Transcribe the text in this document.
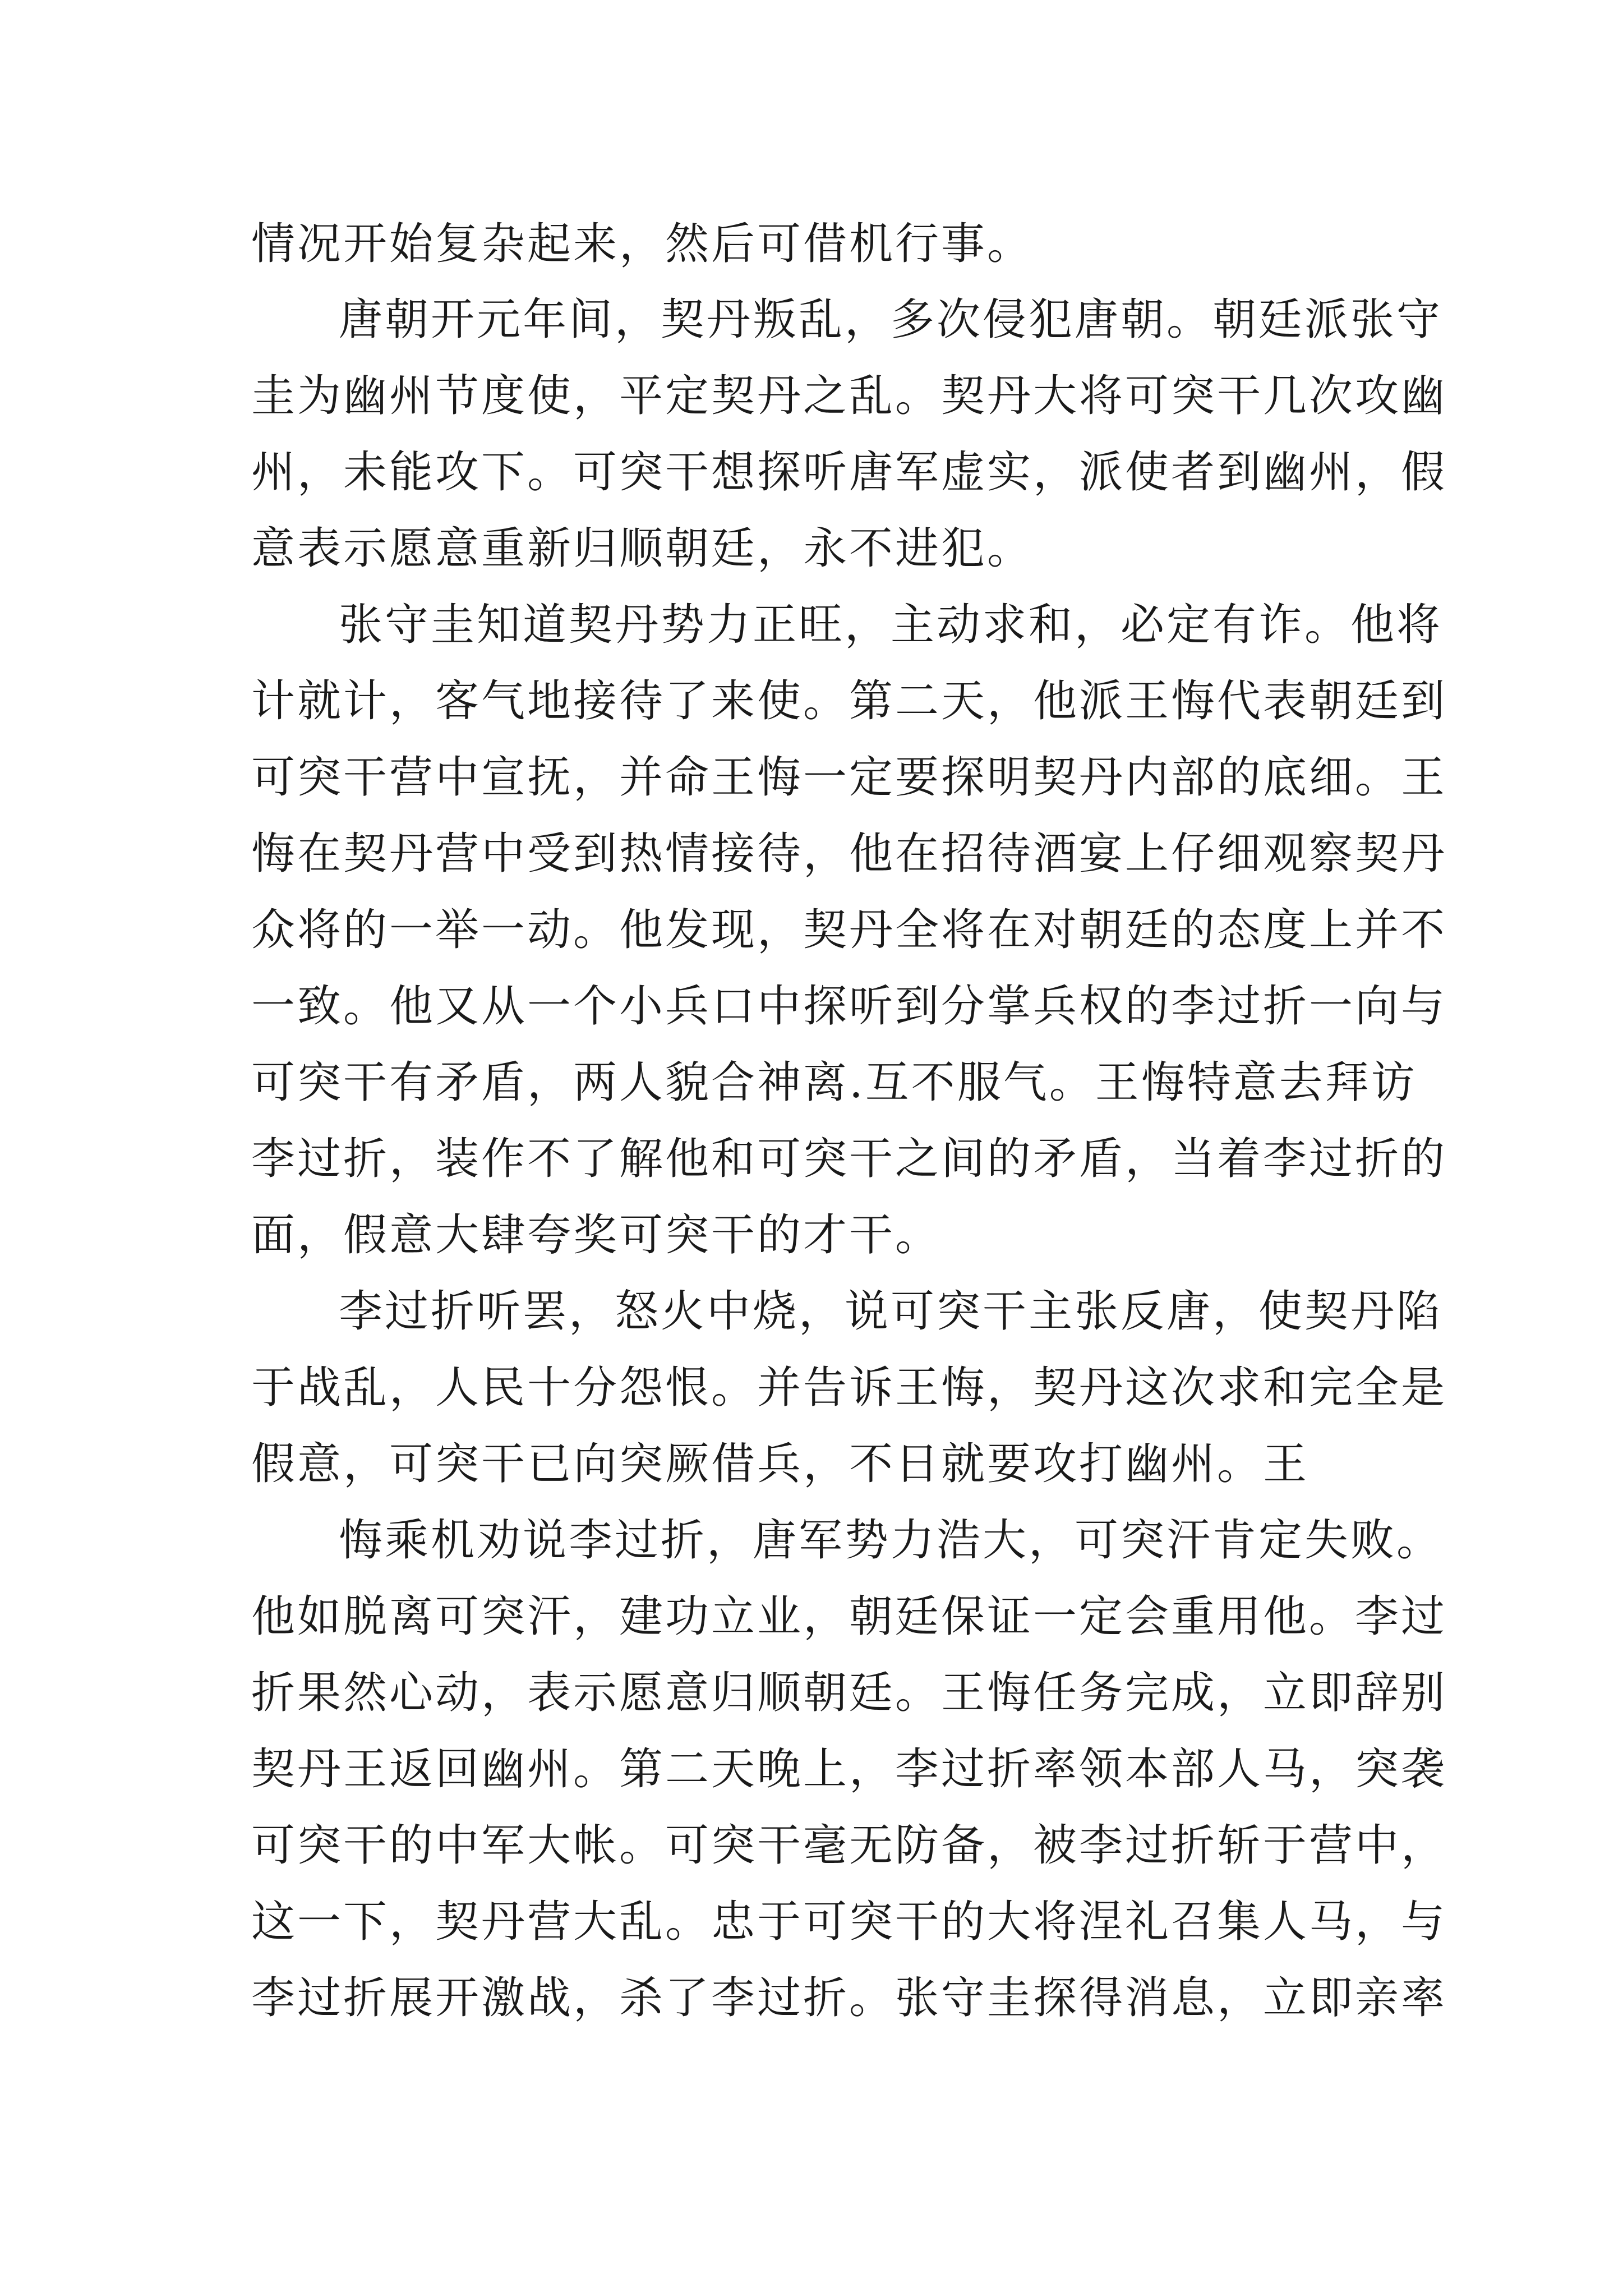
情况开始复杂起来，然后可借机行事。

唐朝开元年间，契丹叛乱，多次侵犯唐朝。朝廷派张守

圭为幽州节度使，平定契丹之乱。契丹大将可突干几次攻幽

州，未能攻下。可突干想探听唐军虚实，派使者到幽州，假

意表示愿意重新归顺朝廷，永不进犯。

张守圭知道契丹势力正旺，主动求和，必定有诈。他将

计就计，客气地接待了来使。第二天，他派王悔代表朝廷到

可突干营中宣抚，并命王悔一定要探明契丹内部的底细。王

悔在契丹营中受到热情接待，他在招待酒宴上仔细观察契丹

众将的一举一动。他发现，契丹全将在对朝廷的态度上并不

一致。他又从一个小兵口中探听到分掌兵权的李过折一向与

可突干有矛盾，两人貌合神离.互不服气。王悔特意去拜访

李过折，装作不了解他和可突干之间的矛盾，当着李过折的

面，假意大肆夸奖可突干的才干。

李过折听罢，怒火中烧，说可突干主张反唐，使契丹陷

于战乱，人民十分怨恨。并告诉王悔，契丹这次求和完全是

假意，可突干已向突厥借兵，不日就要攻打幽州。王

悔乘机劝说李过折，唐军势力浩大，可突汗肯定失败。

他如脱离可突汗，建功立业，朝廷保证一定会重用他。李过

折果然心动，表示愿意归顺朝廷。王悔任务完成，立即辞别

契丹王返回幽州。第二天晚上，李过折率领本部人马，突袭

可突干的中军大帐。可突干毫无防备，被李过折斩于营中，

这一下，契丹营大乱。忠于可突干的大将涅礼召集人马，与

李过折展开激战，杀了李过折。张守圭探得消息，立即亲率
